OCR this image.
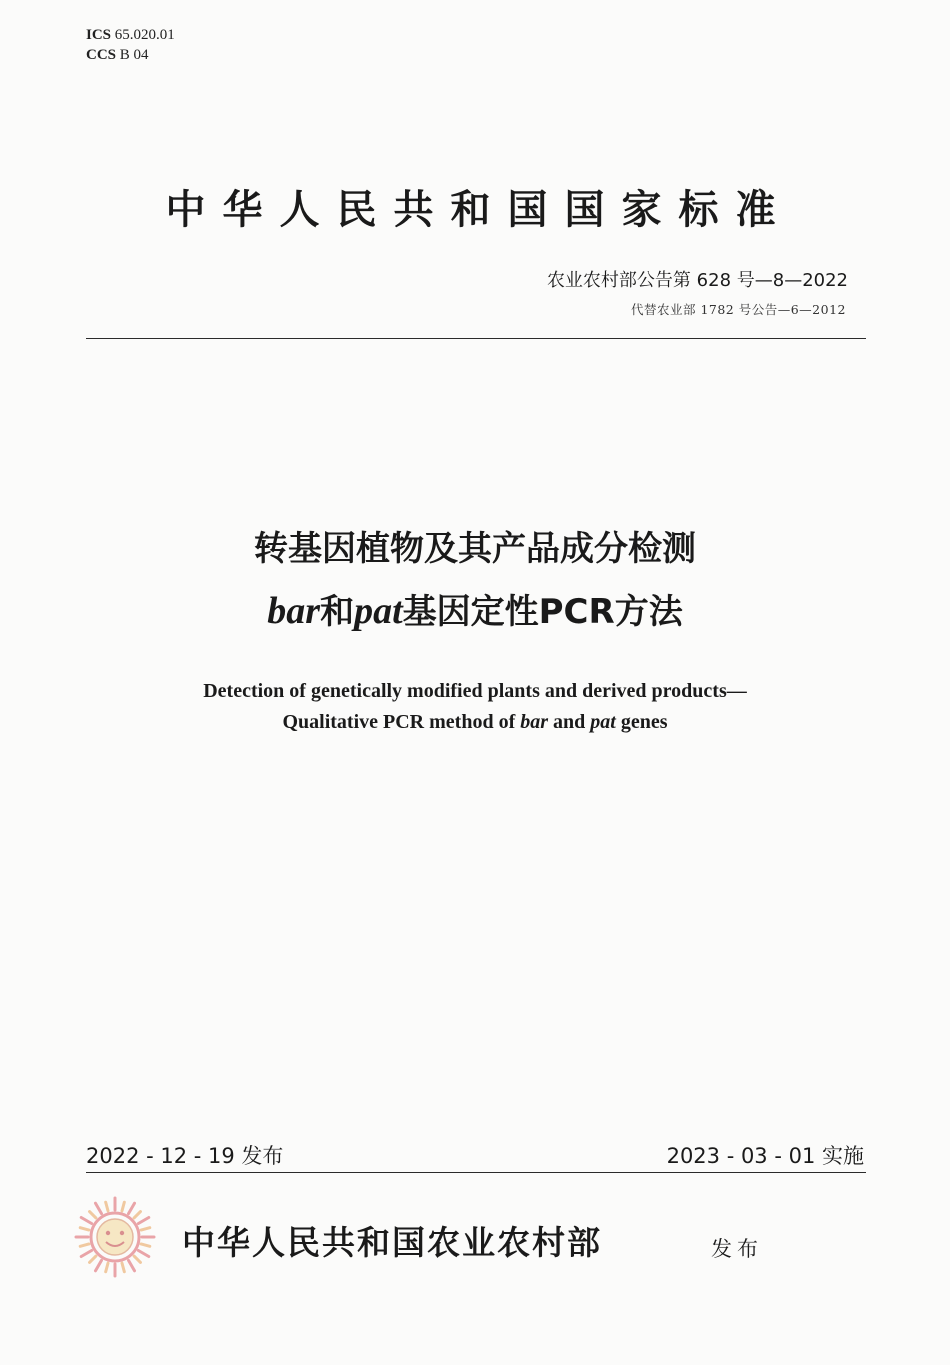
ICS 65.020.01
CCS B 04
中华人民共和国国家标准
农业农村部公告第 628 号—8—2022
代替农业部 1782 号公告—6—2012
转基因植物及其产品成分检测
bar和pat基因定性PCR方法
Detection of genetically modified plants and derived products—
Qualitative PCR method of bar and pat genes
2022 - 12 - 19 发布	2023 - 03 - 01 实施
中华人民共和国农业农村部	发布
